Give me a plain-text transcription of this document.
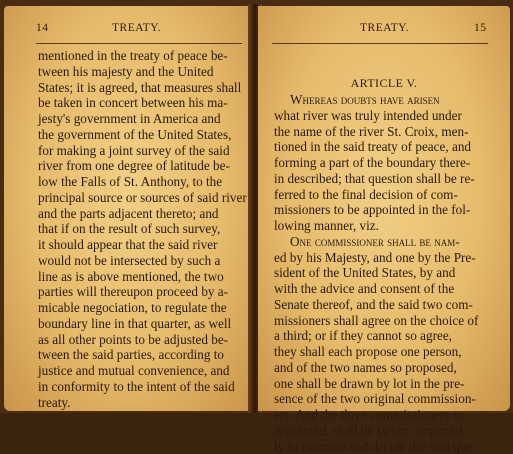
14	TREATY.
mentioned in the treaty of peace be-
tween his majesty and the United
States; it is agreed, that measures shall
be taken in concert between his ma-
jesty's government in America and
the government of the United States,
for making a joint survey of the said
river from one degree of latitude be-
low the Falls of St. Anthony, to the
principal source or sources of said river
and the parts adjacent thereto; and
that if on the result of such survey,
it should appear that the said river
would not be intersected by such a
line as is above mentioned, the two
parties will thereupon proceed by a-
micable negociation, to regulate the
boundary line in that quarter, as well
as all other points to be adjusted be-
tween the said parties, according to
justice and mutual convenience, and
in conformity to the intent of the said
treaty.
TREATY.	15
ARTICLE V.
Whereas doubts have arisen
what river was truly intended under
the name of the river St. Croix, men-
tioned in the said treaty of peace, and
forming a part of the boundary there-
in described; that question shall be re-
ferred to the final decision of com-
missioners to be appointed in the fol-
lowing manner, viz.
One commissioner shall be nam-
ed by his Majesty, and one by the Pre-
sident of the United States, by and
with the advice and consent of the
Senate thereof, and the said two com-
missioners shall agree on the choice of
a third; or if they cannot so agree,
they shall each propose one person,
and of the two names so proposed,
one shall be drawn by lot in the pre-
sence of the two original commission-
ers. And the three commissioners so
appointed, shall be sworn, impartial-
ly to examine and decide the said que-
